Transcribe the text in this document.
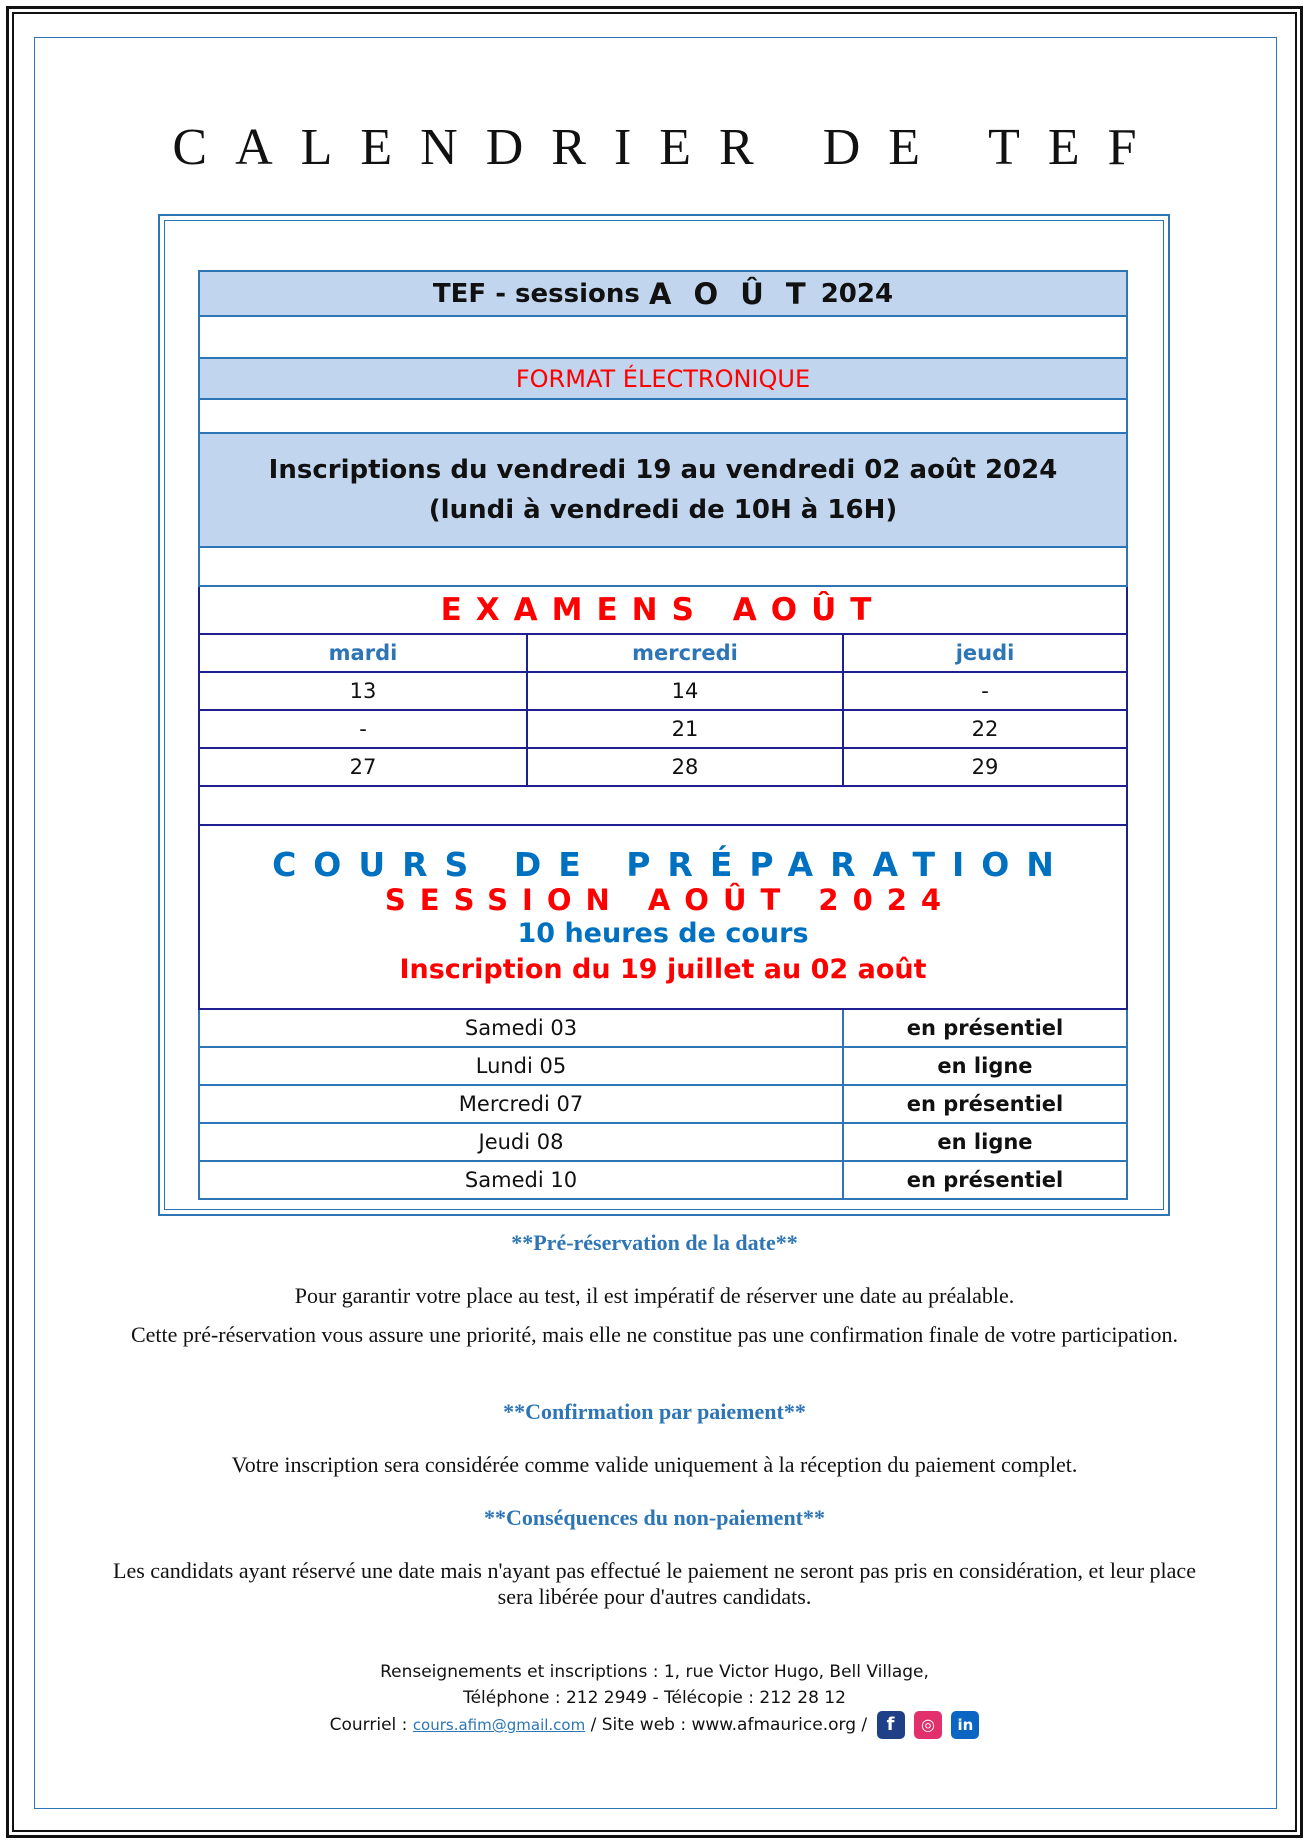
CALENDRIER DE TEF
TEF - sessions
A O Û T
2024
FORMAT ÉLECTRONIQUE
Inscriptions du vendredi 19 au vendredi 02 août 2024
(lundi à vendredi de 10H à 16H)
EXAMENS AOÛT
mardi	mercredi	jeudi
13	14	-
-	21	22
27	28	29
COURS DE PRÉPARATION
SESSION AOÛT 2024
10 heures de cours
Inscription du 19 juillet au 02 août
Samedi 03	en présentiel
Lundi 05	en ligne
Mercredi 07	en présentiel
Jeudi 08	en ligne
Samedi 10	en présentiel
**Pré-réservation de la date**
Pour garantir votre place au test, il est impératif de réserver une date au préalable.
Cette pré-réservation vous assure une priorité, mais elle ne constitue pas une confirmation finale de votre participation.
**Confirmation par paiement**
Votre inscription sera considérée comme valide uniquement à la réception du paiement complet.
**Conséquences du non-paiement**
Les candidats ayant réservé une date mais n'ayant pas effectué le paiement ne seront pas pris en considération, et leur place sera libérée pour d'autres candidats.
Renseignements et inscriptions : 1, rue Victor Hugo, Bell Village,
Téléphone : 212 2949 - Télécopie : 212 28 12
Courriel : cours.afim@gmail.com / Site web : www.afmaurice.org / f ◎ in
